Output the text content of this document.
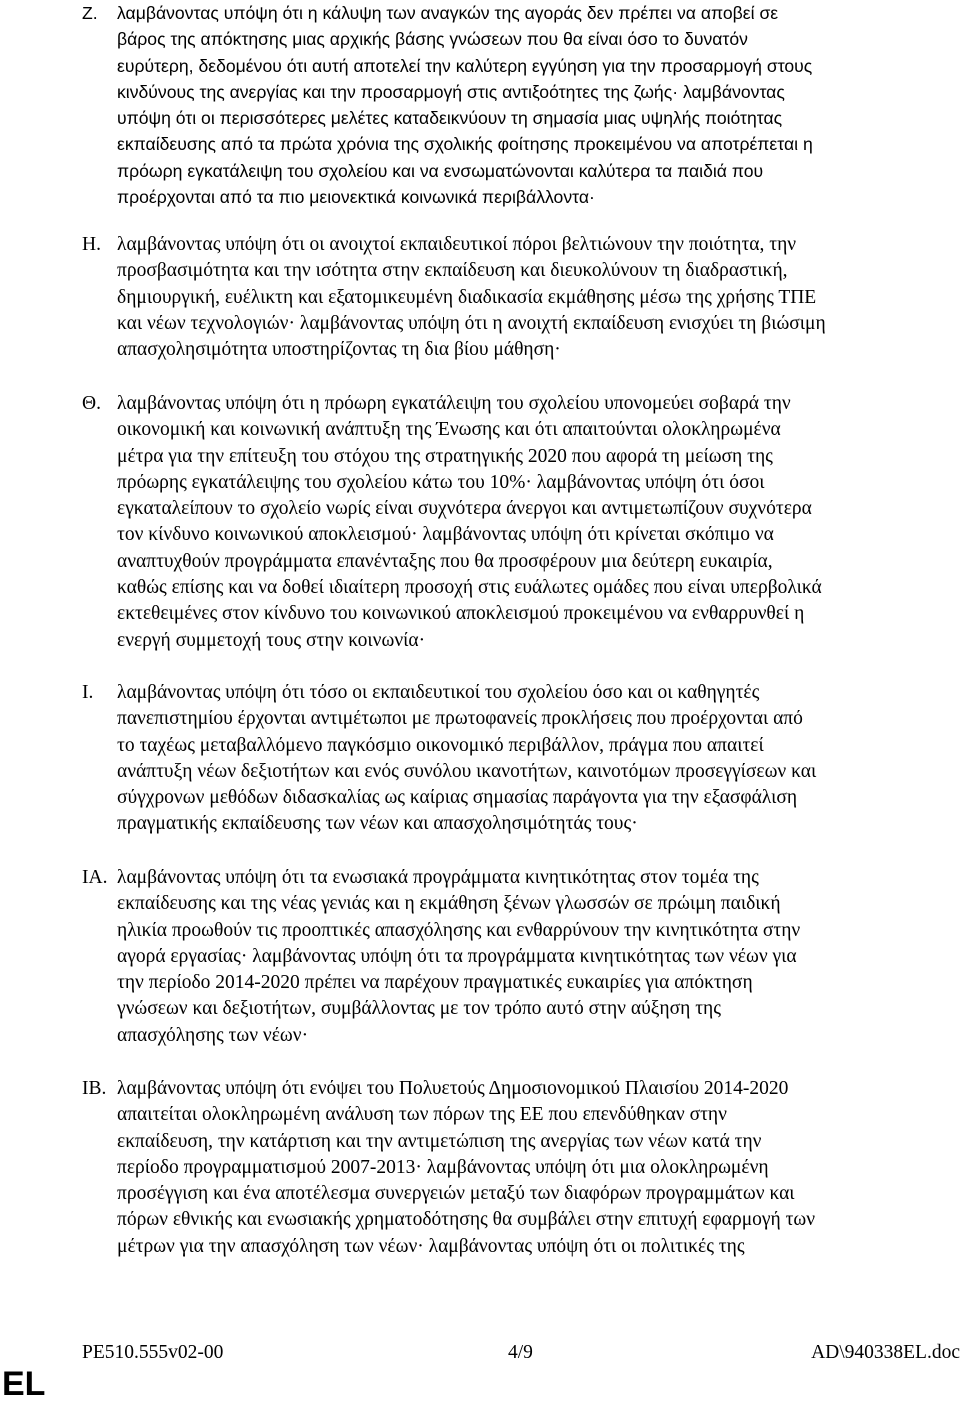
Ζ. λαμβάνοντας υπόψη ότι η κάλυψη των αναγκών της αγοράς δεν πρέπει να αποβεί σε
βάρος της απόκτησης μιας αρχικής βάσης γνώσεων που θα είναι όσο το δυνατόν
ευρύτερη, δεδομένου ότι αυτή αποτελεί την καλύτερη εγγύηση για την προσαρμογή στους
κινδύνους της ανεργίας και την προσαρμογή στις αντιξοότητες της ζωής· λαμβάνοντας
υπόψη ότι οι περισσότερες μελέτες καταδεικνύουν τη σημασία μιας υψηλής ποιότητας
εκπαίδευσης από τα πρώτα χρόνια της σχολικής φοίτησης προκειμένου να αποτρέπεται η
πρόωρη εγκατάλειψη του σχολείου και να ενσωματώνονται καλύτερα τα παιδιά που
προέρχονται από τα πιο μειονεκτικά κοινωνικά περιβάλλοντα·
Η. λαμβάνοντας υπόψη ότι οι ανοιχτοί εκπαιδευτικοί πόροι βελτιώνουν την ποιότητα, την
προσβασιμότητα και την ισότητα στην εκπαίδευση και διευκολύνουν τη διαδραστική,
δημιουργική, ευέλικτη και εξατομικευμένη διαδικασία εκμάθησης μέσω της χρήσης ΤΠΕ
και νέων τεχνολογιών· λαμβάνοντας υπόψη ότι η ανοιχτή εκπαίδευση ενισχύει τη βιώσιμη
απασχολησιμότητα υποστηρίζοντας τη δια βίου μάθηση·
Θ. λαμβάνοντας υπόψη ότι η πρόωρη εγκατάλειψη του σχολείου υπονομεύει σοβαρά την
οικονομική και κοινωνική ανάπτυξη της Ένωσης και ότι απαιτούνται ολοκληρωμένα
μέτρα για την επίτευξη του στόχου της στρατηγικής 2020 που αφορά τη μείωση της
πρόωρης εγκατάλειψης του σχολείου κάτω του 10%· λαμβάνοντας υπόψη ότι όσοι
εγκαταλείπουν το σχολείο νωρίς είναι συχνότερα άνεργοι και αντιμετωπίζουν συχνότερα
τον κίνδυνο κοινωνικού αποκλεισμού· λαμβάνοντας υπόψη ότι κρίνεται σκόπιμο να
αναπτυχθούν προγράμματα επανένταξης που θα προσφέρουν μια δεύτερη ευκαιρία,
καθώς επίσης και να δοθεί ιδιαίτερη προσοχή στις ευάλωτες ομάδες που είναι υπερβολικά
εκτεθειμένες στον κίνδυνο του κοινωνικού αποκλεισμού προκειμένου να ενθαρρυνθεί η
ενεργή συμμετοχή τους στην κοινωνία·
Ι. λαμβάνοντας υπόψη ότι τόσο οι εκπαιδευτικοί του σχολείου όσο και οι καθηγητές
πανεπιστημίου έρχονται αντιμέτωποι με πρωτοφανείς προκλήσεις που προέρχονται από
το ταχέως μεταβαλλόμενο παγκόσμιο οικονομικό περιβάλλον, πράγμα που απαιτεί
ανάπτυξη νέων δεξιοτήτων και ενός συνόλου ικανοτήτων, καινοτόμων προσεγγίσεων και
σύγχρονων μεθόδων διδασκαλίας ως καίριας σημασίας παράγοντα για την εξασφάλιση
πραγματικής εκπαίδευσης των νέων και απασχολησιμότητάς τους·
ΙΑ. λαμβάνοντας υπόψη ότι τα ενωσιακά προγράμματα κινητικότητας στον τομέα της
εκπαίδευσης και της νέας γενιάς και η εκμάθηση ξένων γλωσσών σε πρώιμη παιδική
ηλικία προωθούν τις προοπτικές απασχόλησης και ενθαρρύνουν την κινητικότητα στην
αγορά εργασίας· λαμβάνοντας υπόψη ότι τα προγράμματα κινητικότητας των νέων για
την περίοδο 2014-2020 πρέπει να παρέχουν πραγματικές ευκαιρίες για απόκτηση
γνώσεων και δεξιοτήτων, συμβάλλοντας με τον τρόπο αυτό στην αύξηση της
απασχόλησης των νέων·
ΙΒ. λαμβάνοντας υπόψη ότι ενόψει του Πολυετούς Δημοσιονομικού Πλαισίου 2014-2020
απαιτείται ολοκληρωμένη ανάλυση των πόρων της ΕΕ που επενδύθηκαν στην
εκπαίδευση, την κατάρτιση και την αντιμετώπιση της ανεργίας των νέων κατά την
περίοδο προγραμματισμού 2007-2013· λαμβάνοντας υπόψη ότι μια ολοκληρωμένη
προσέγγιση και ένα αποτέλεσμα συνεργειών μεταξύ των διαφόρων προγραμμάτων και
πόρων εθνικής και ενωσιακής χρηματοδότησης θα συμβάλει στην επιτυχή εφαρμογή των
μέτρων για την απασχόληση των νέων· λαμβάνοντας υπόψη ότι οι πολιτικές της
PE510.555v02-00	4/9	AD\940338EL.doc
EL
